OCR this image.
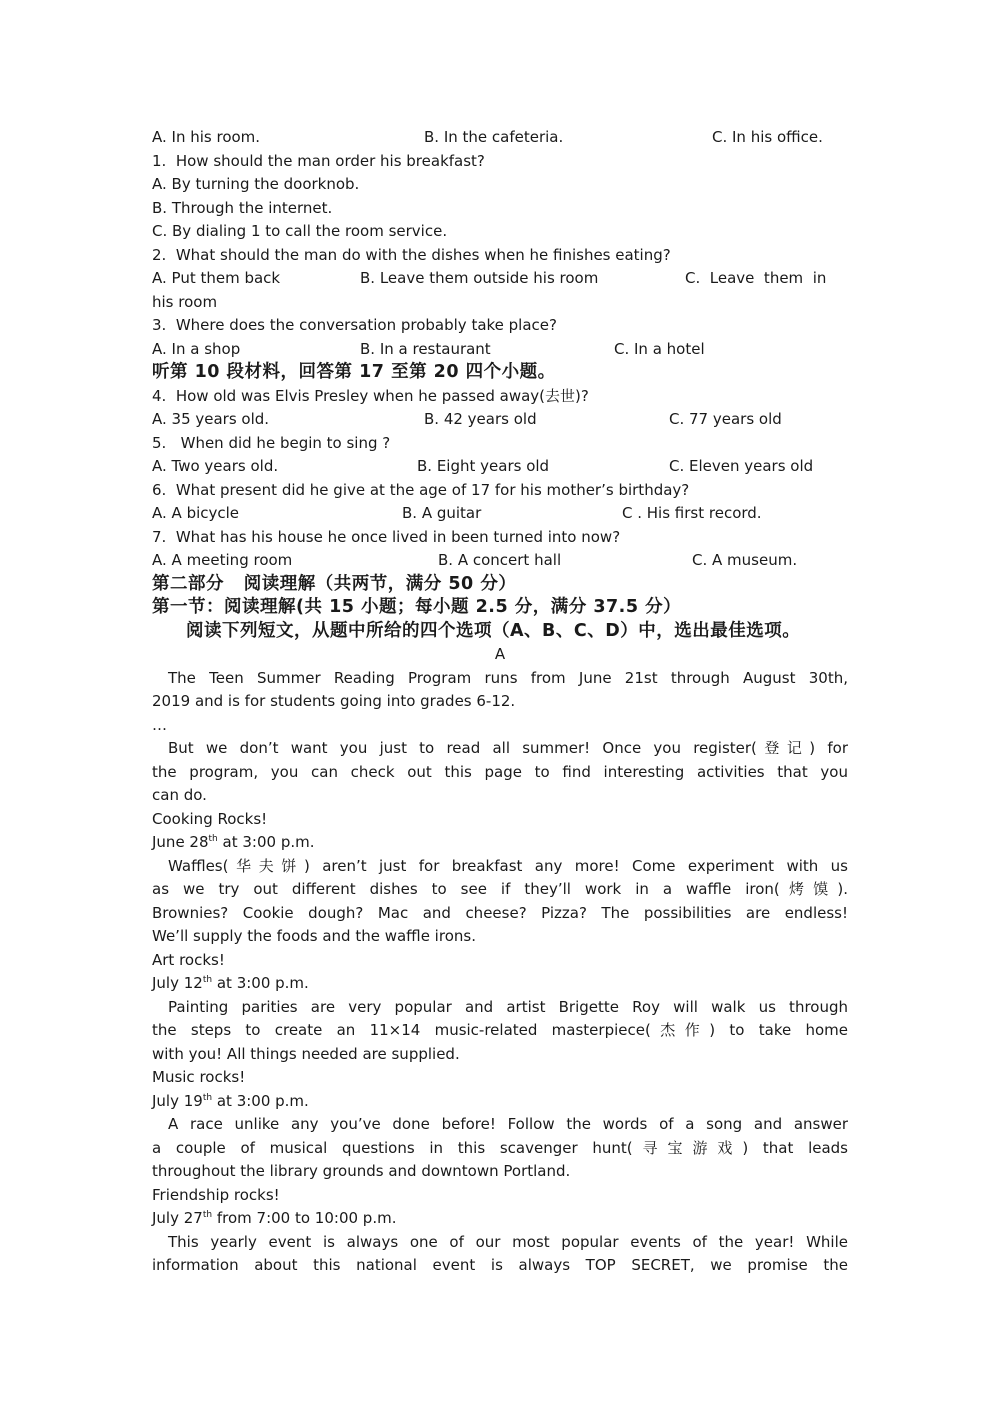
A. In his room.	B. In the cafeteria.	C. In his office.
1.  How should the man order his breakfast?
A. By turning the doorknob.
B. Through the internet.
C. By dialing 1 to call the room service.
2.  What should the man do with the dishes when he finishes eating?
A. Put them back	B. Leave them outside his room	C.  Leave  them  in
his room
3.  Where does the conversation probably take place?
A. In a shop	B. In a restaurant	C. In a hotel
听第 10 段材料，回答第 17 至第 20 四个小题。
4.  How old was Elvis Presley when he passed away(去世)?
A. 35 years old.	B. 42 years old	C. 77 years old
5.   When did he begin to sing ?
A. Two years old.	B. Eight years old	C. Eleven years old
6.  What present did he give at the age of 17 for his mother’s birthday?
A. A bicycle	B. A guitar	C . His first record.
7.  What has his house he once lived in been turned into now?
A. A meeting room	B. A concert hall	C. A museum.
第二部分   阅读理解（共两节，满分 50 分）
第一节：阅读理解(共 15 小题；每小题 2.5 分，满分 37.5 分）
阅读下列短文，从题中所给的四个选项（A、B、C、D）中，选出最佳选项。
A
The Teen Summer Reading Program runs from June 21st through August 30th,
2019 and is for students going into grades 6-12.
…
But we don’t want you just to read all summer! Once you register(登记) for
the program, you can check out this page to find interesting activities that you
can do.
Cooking Rocks!
June 28th at 3:00 p.m.
Waffles(华夫饼) aren’t just for breakfast any more! Come experiment with us
as we try out different dishes to see if they’ll work in a waffle iron(烤馍).
Brownies? Cookie dough? Mac and cheese? Pizza? The possibilities are endless!
We’ll supply the foods and the waffle irons.
Art rocks!
July 12th at 3:00 p.m.
Painting parities are very popular and artist Brigette Roy will walk us through
the steps to create an 11×14 music-related masterpiece(杰作) to take home
with you! All things needed are supplied.
Music rocks!
July 19th at 3:00 p.m.
A race unlike any you’ve done before! Follow the words of a song and answer
a couple of musical questions in this scavenger hunt(寻宝游戏) that leads
throughout the library grounds and downtown Portland.
Friendship rocks!
July 27th from 7:00 to 10:00 p.m.
This yearly event is always one of our most popular events of the year! While
information about this national event is always TOP SECRET, we promise the
